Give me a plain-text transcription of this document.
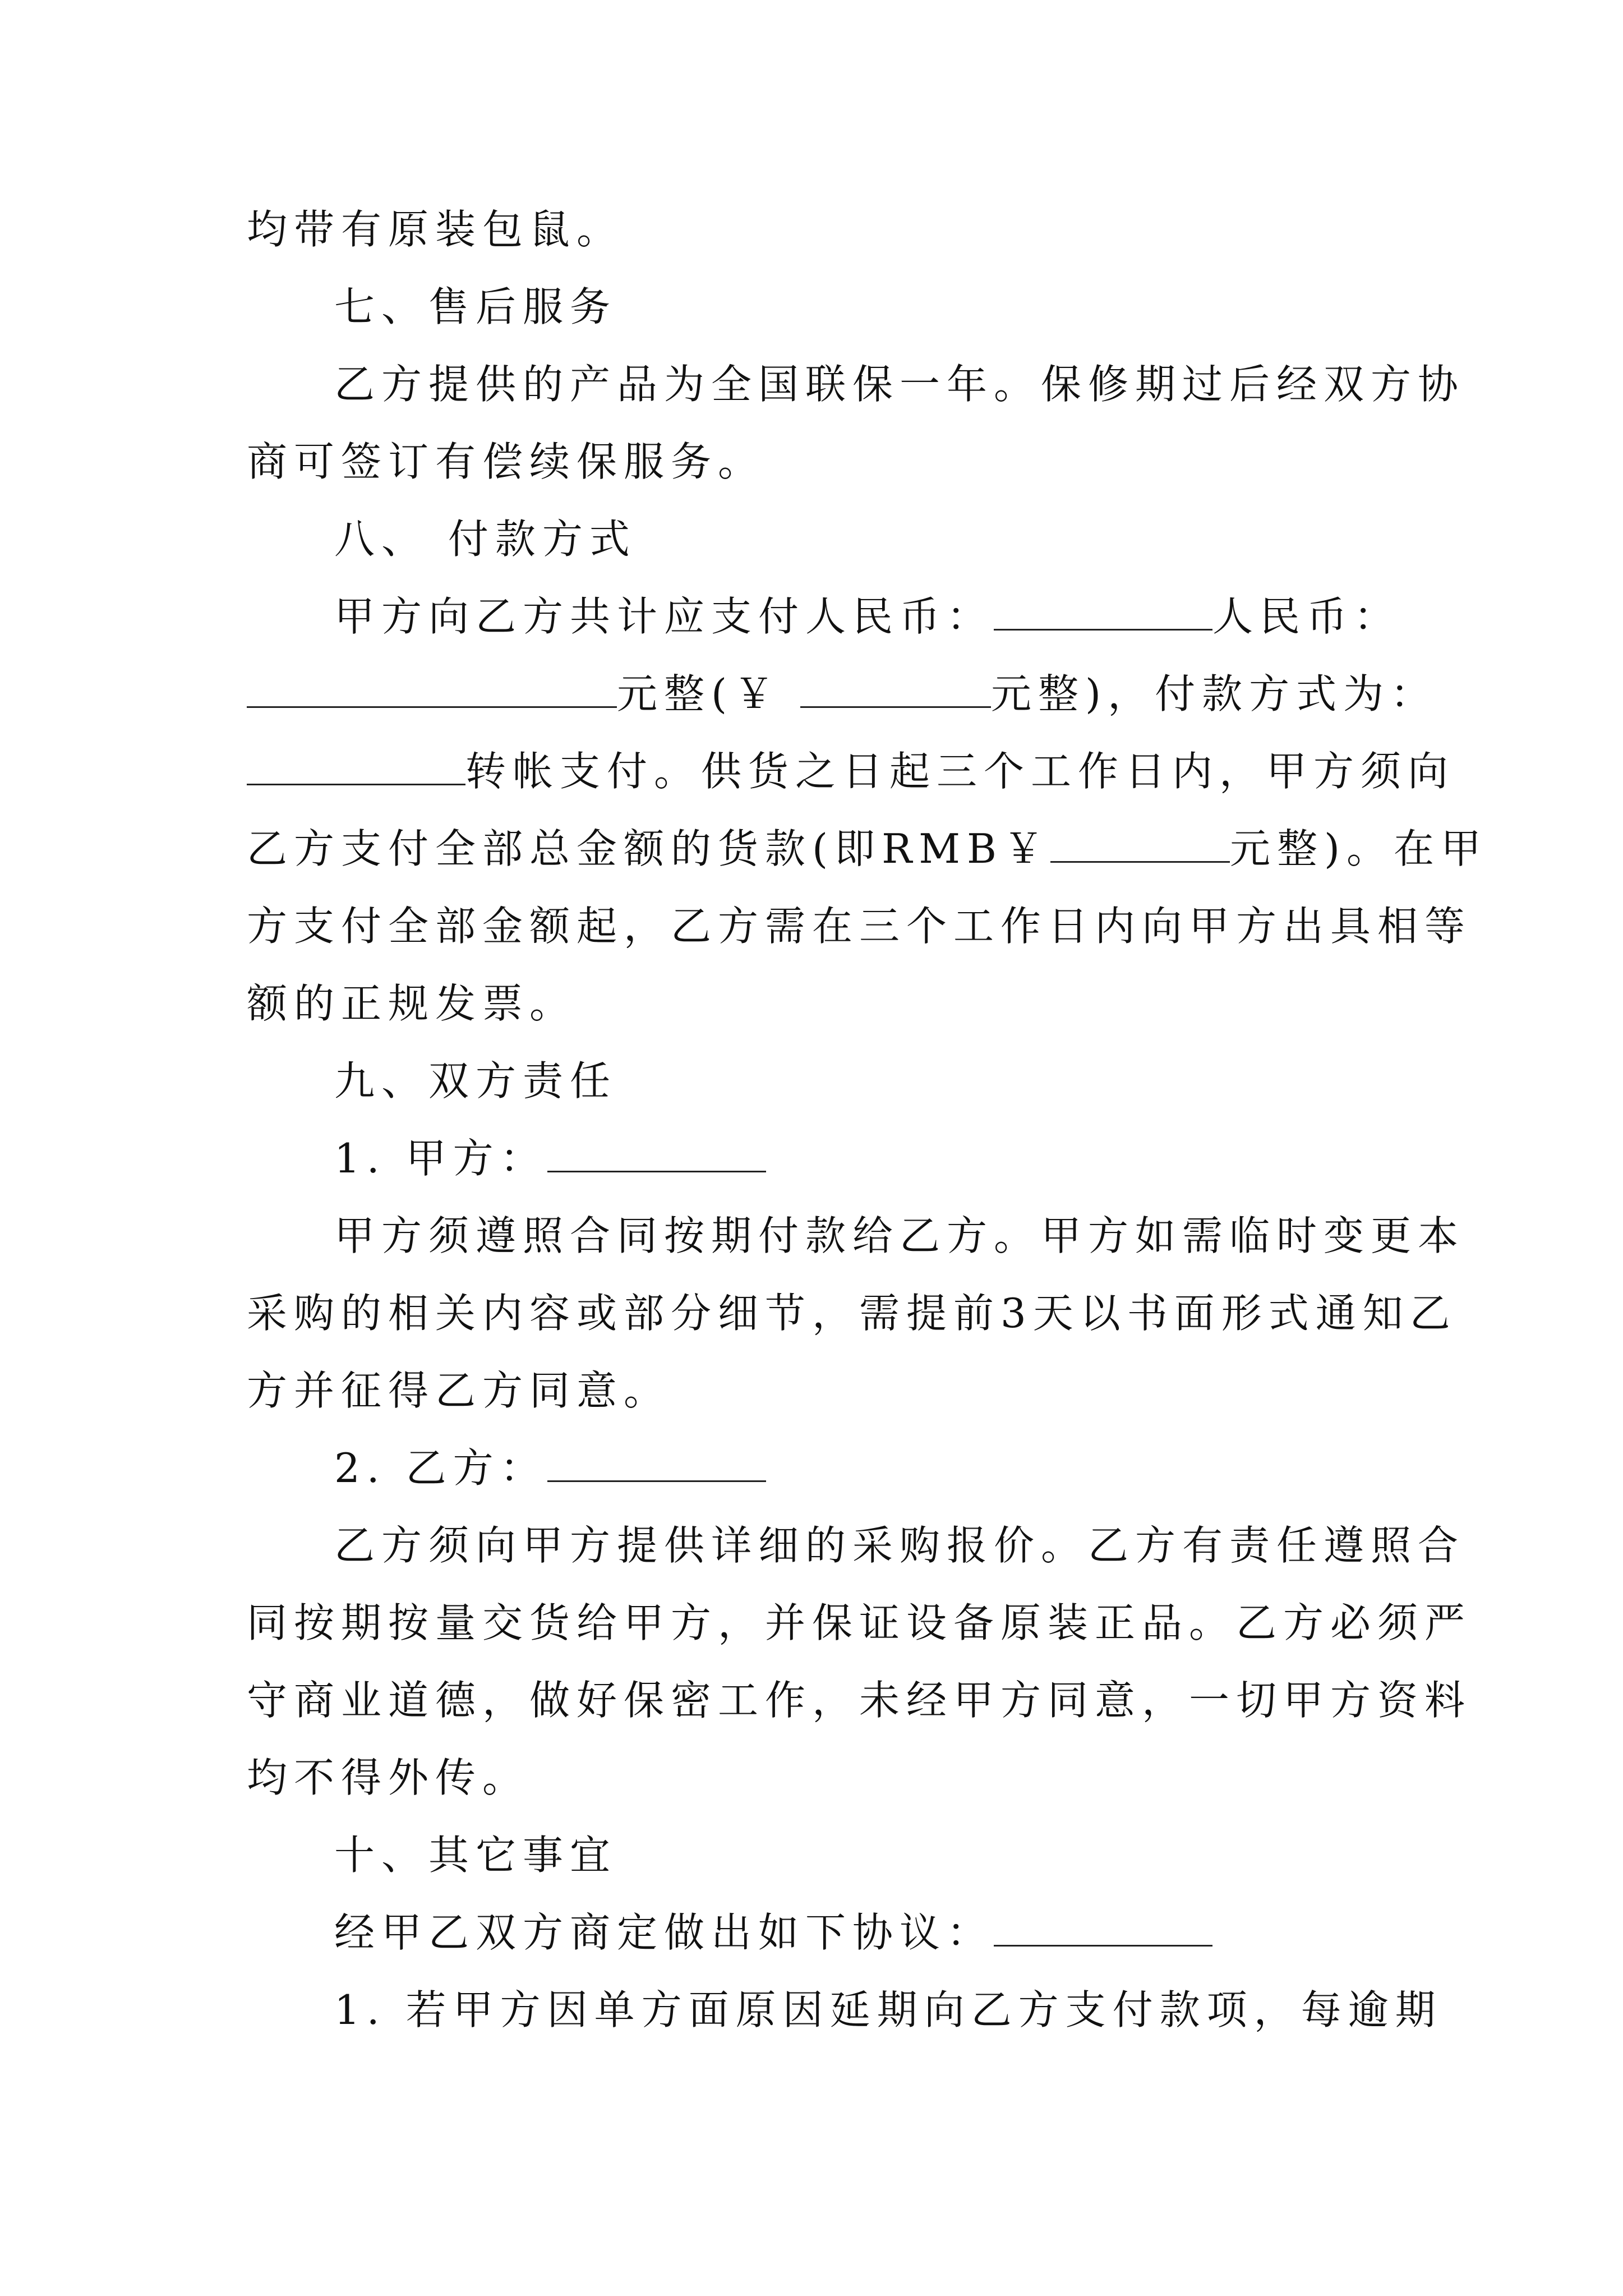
均带有原装包鼠。
七、售后服务
乙方提供的产品为全国联保一年。保修期过后经双方协
商可签订有偿续保服务。
八、 付款方式
甲方向乙方共计应支付人民币：	人民币：
元整(￥	元整)，付款方式为：
转帐支付。供货之日起三个工作日内，甲方须向
乙方支付全部总金额的货款(即RMB￥	元整)。在甲
方支付全部金额起，乙方需在三个工作日内向甲方出具相等
额的正规发票。
九、双方责任
1. 甲方：
甲方须遵照合同按期付款给乙方。甲方如需临时变更本
采购的相关内容或部分细节，需提前3天以书面形式通知乙
方并征得乙方同意。
2. 乙方：
乙方须向甲方提供详细的采购报价。乙方有责任遵照合
同按期按量交货给甲方，并保证设备原装正品。乙方必须严
守商业道德，做好保密工作，未经甲方同意，一切甲方资料
均不得外传。
十、其它事宜
经甲乙双方商定做出如下协议：
1. 若甲方因单方面原因延期向乙方支付款项，每逾期
